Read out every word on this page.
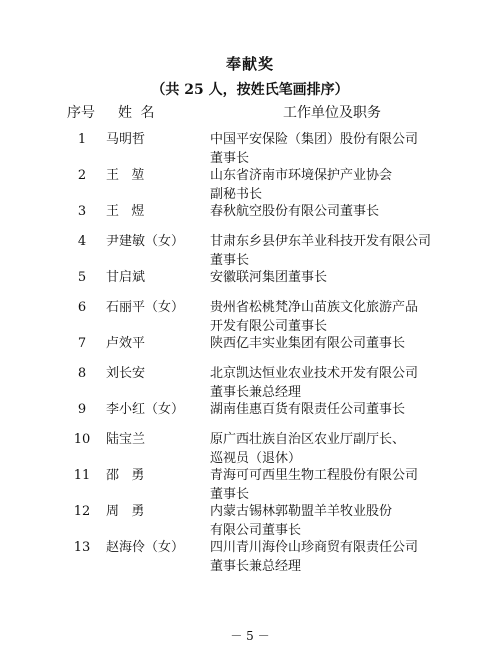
奉献奖
（共 25 人，按姓氏笔画排序）
序号 姓 名	工作单位及职务
1	马明哲	中国平安保险（集团）股份有限公司
董事长
2	王   堃	山东省济南市环境保护产业协会
副秘书长
3	王   煜	春秋航空股份有限公司董事长
4	尹建敏（女） 甘肃东乡县伊东羊业科技开发有限公司
董事长
5	甘启斌	安徽联河集团董事长
6	石丽平（女） 贵州省松桃梵净山苗族文化旅游产品
开发有限公司董事长
7	卢效平	陕西亿丰实业集团有限公司董事长
8	刘长安	北京凯达恒业农业技术开发有限公司
董事长兼总经理
9	李小红（女） 湖南佳惠百货有限责任公司董事长
10 陆宝兰	原广西壮族自治区农业厅副厅长、
巡视员（退休）
11 邵   勇	青海可可西里生物工程股份有限公司
董事长
12 周   勇	内蒙古锡林郭勒盟羊羊牧业股份
有限公司董事长
13 赵海伶（女） 四川青川海伶山珍商贸有限责任公司
董事长兼总经理
－ 5 －
